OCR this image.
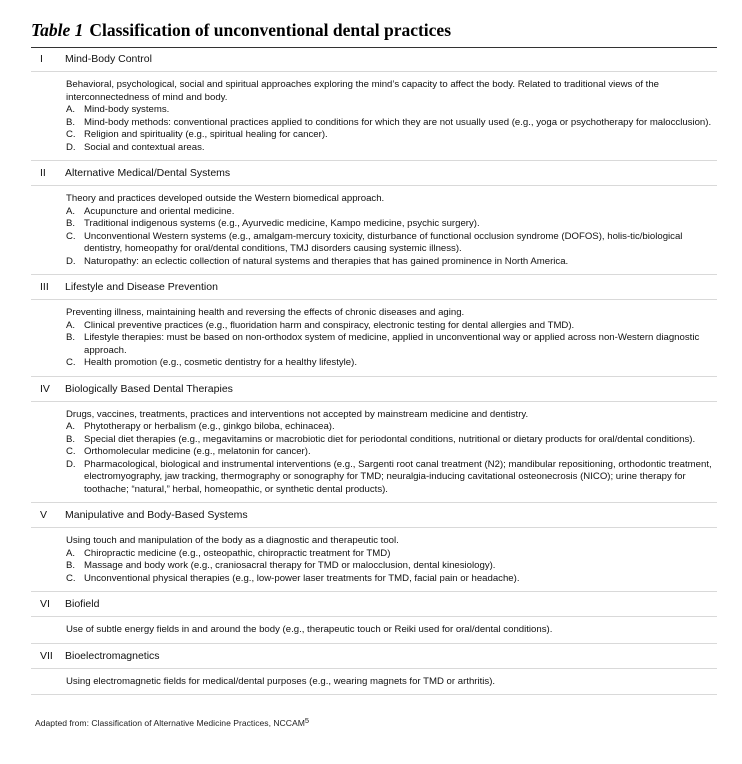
Table 1 Classification of unconventional dental practices
I Mind-Body Control
Behavioral, psychological, social and spiritual approaches exploring the mind’s capacity to affect the body. Related to traditional views of the interconnectedness of mind and body.
A. Mind-body systems.
B. Mind-body methods: conventional practices applied to conditions for which they are not usually used (e.g., yoga or psychotherapy for malocclusion).
C. Religion and spirituality (e.g., spiritual healing for cancer).
D. Social and contextual areas.
II Alternative Medical/Dental Systems
Theory and practices developed outside the Western biomedical approach.
A. Acupuncture and oriental medicine.
B. Traditional indigenous systems (e.g., Ayurvedic medicine, Kampo medicine, psychic surgery).
C. Unconventional Western systems (e.g., amalgam-mercury toxicity, disturbance of functional occlusion syndrome (DOFOS), holis-tic/biological dentistry, homeopathy for oral/dental conditions, TMJ disorders causing systemic illness).
D. Naturopathy: an eclectic collection of natural systems and therapies that has gained prominence in North America.
III Lifestyle and Disease Prevention
Preventing illness, maintaining health and reversing the effects of chronic diseases and aging.
A. Clinical preventive practices (e.g., fluoridation harm and conspiracy, electronic testing for dental allergies and TMD).
B. Lifestyle therapies: must be based on non-orthodox system of medicine, applied in unconventional way or applied across non-Western diagnostic approach.
C. Health promotion (e.g., cosmetic dentistry for a healthy lifestyle).
IV Biologically Based Dental Therapies
Drugs, vaccines, treatments, practices and interventions not accepted by mainstream medicine and dentistry.
A. Phytotherapy or herbalism (e.g., ginkgo biloba, echinacea).
B. Special diet therapies (e.g., megavitamins or macrobiotic diet for periodontal conditions, nutritional or dietary products for oral/dental conditions).
C. Orthomolecular medicine (e.g., melatonin for cancer).
D. Pharmacological, biological and instrumental interventions (e.g., Sargenti root canal treatment (N2); mandibular repositioning, orthodontic treatment, electromyography, jaw tracking, thermography or sonography for TMD; neuralgia-inducing cavitational osteonecrosis (NICO); urine therapy for toothache; “natural,” herbal, homeopathic, or synthetic dental products).
V Manipulative and Body-Based Systems
Using touch and manipulation of the body as a diagnostic and therapeutic tool.
A. Chiropractic medicine (e.g., osteopathic, chiropractic treatment for TMD)
B. Massage and body work (e.g., craniosacral therapy for TMD or malocclusion, dental kinesiology).
C. Unconventional physical therapies (e.g., low-power laser treatments for TMD, facial pain or headache).
VI Biofield
Use of subtle energy fields in and around the body (e.g., therapeutic touch or Reiki used for oral/dental conditions).
VII Bioelectromagnetics
Using electromagnetic fields for medical/dental purposes (e.g., wearing magnets for TMD or arthritis).
Adapted from: Classification of Alternative Medicine Practices, NCCAM$^5$
